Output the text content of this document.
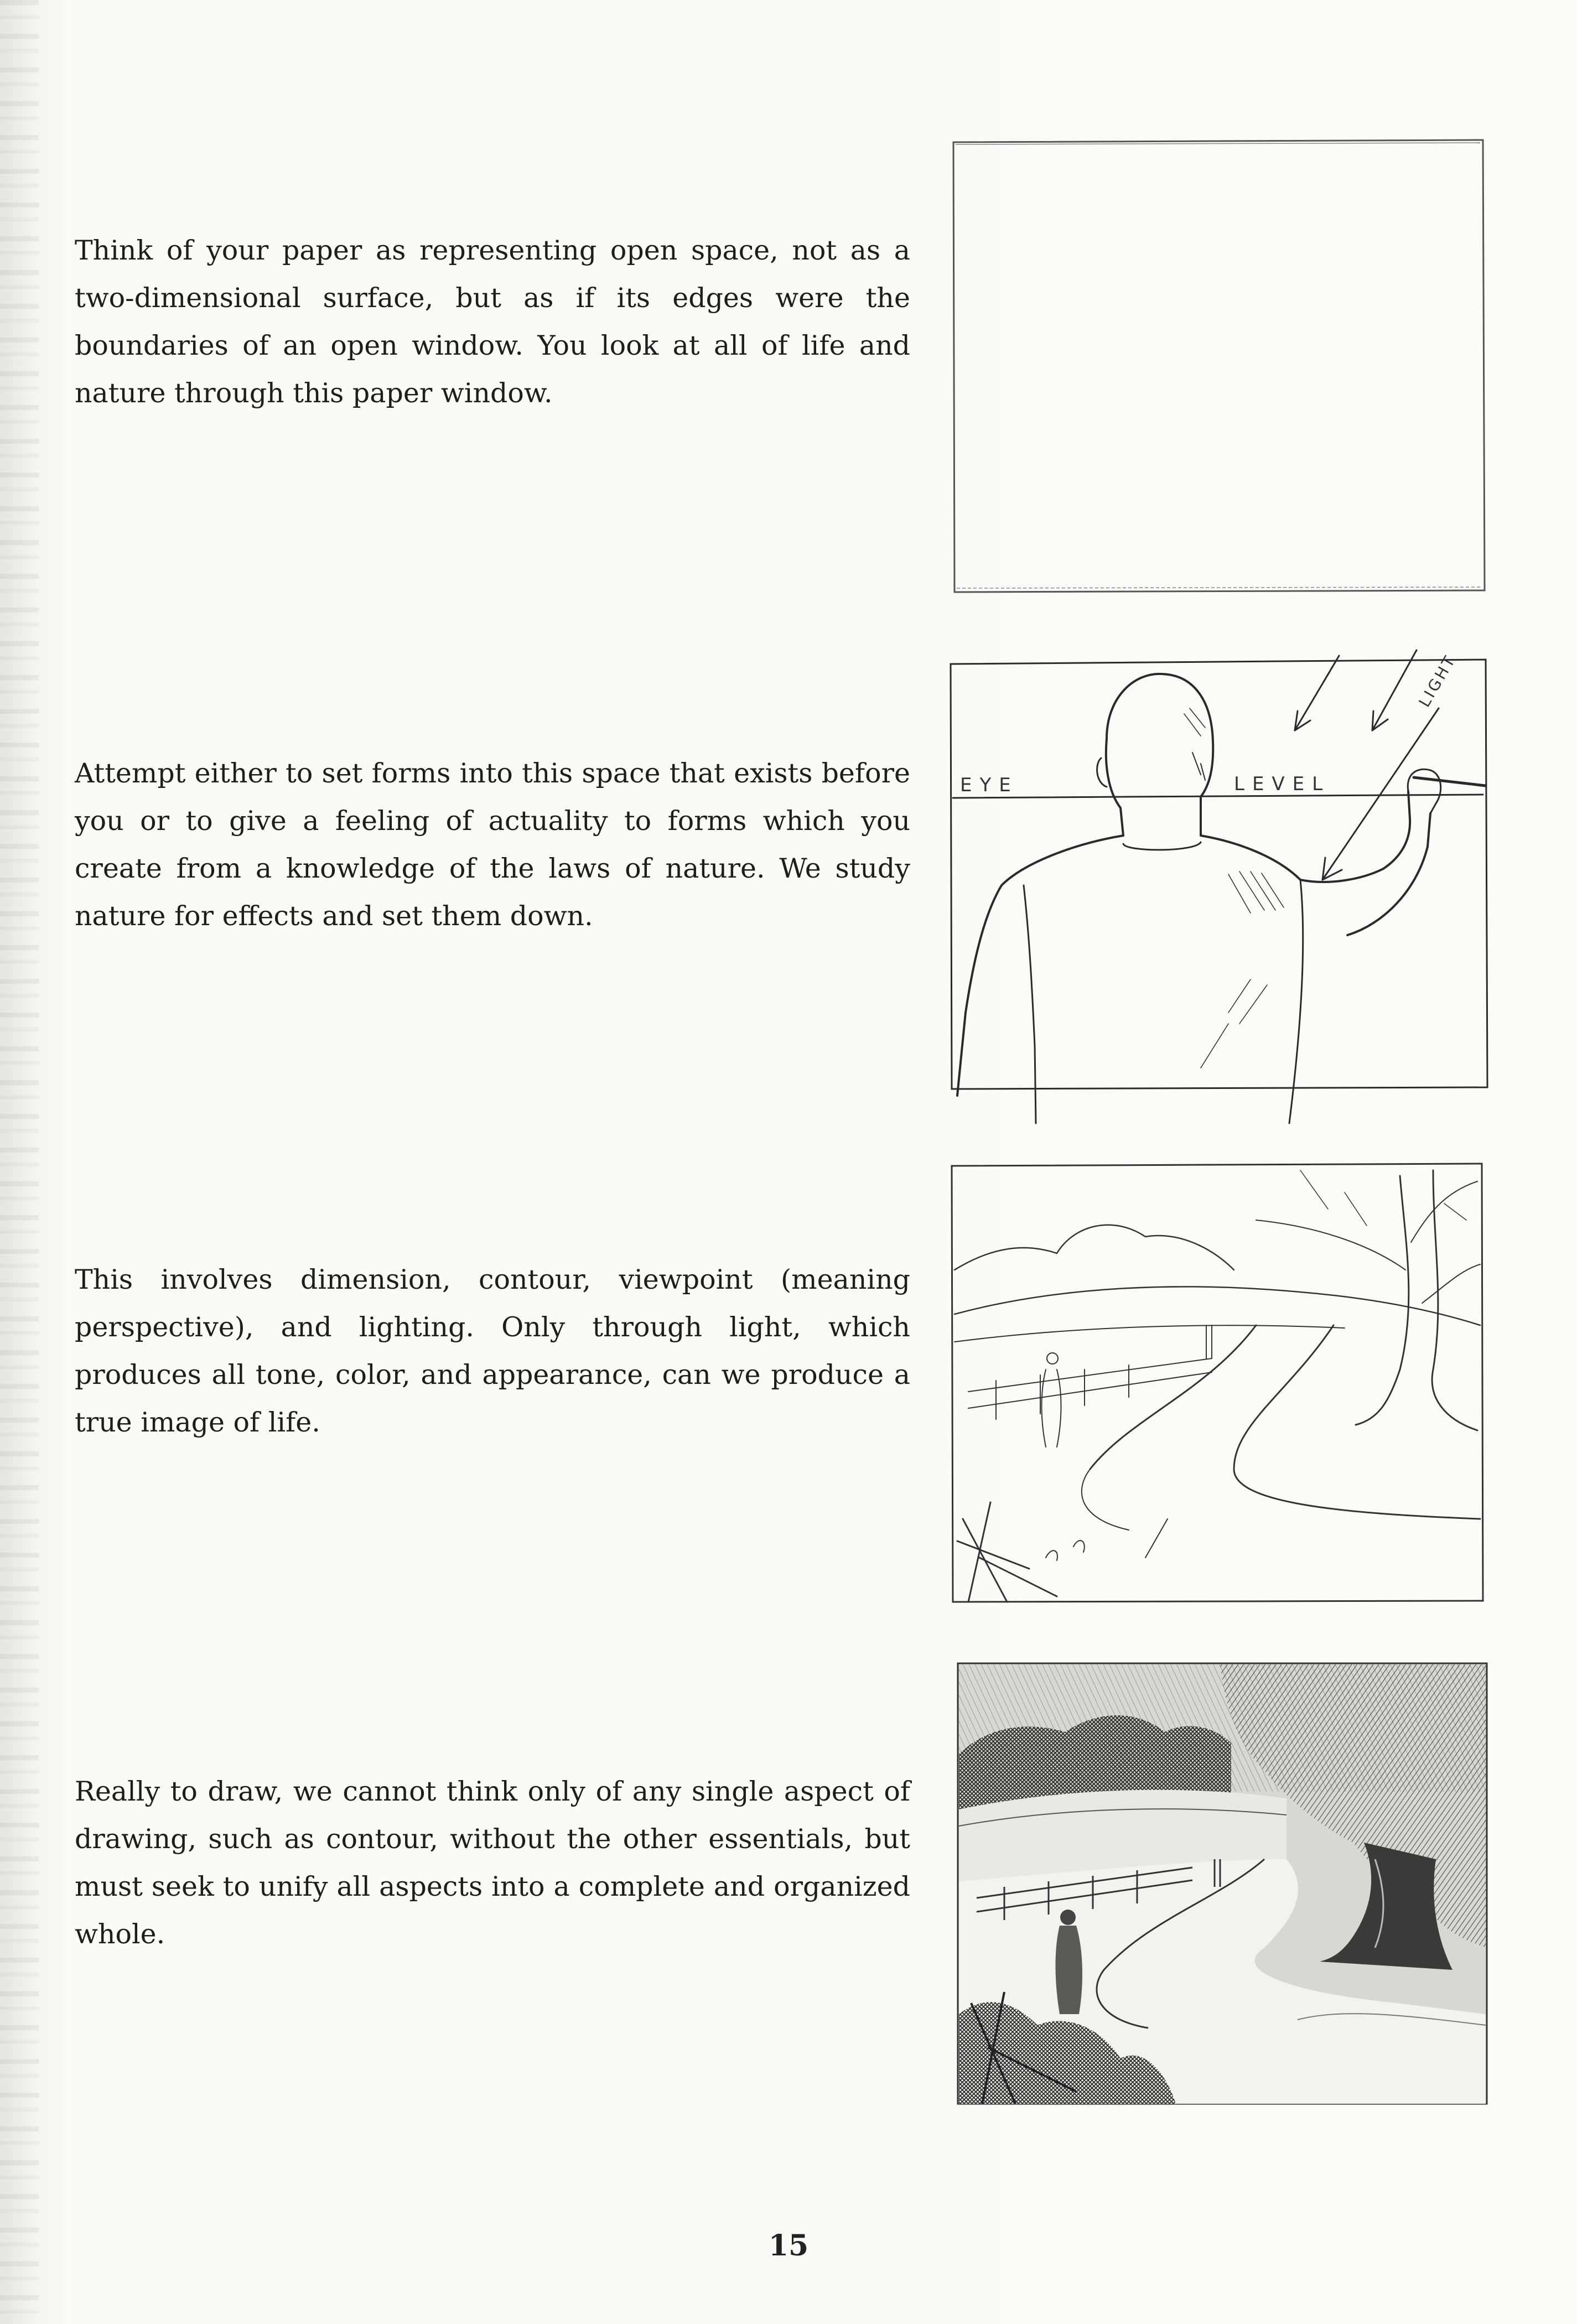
Think of your paper as representing open space, not as a two-dimensional surface, but as if its edges were the boundaries of an open window. You look at all of life and nature through this paper window.

Attempt either to set forms into this space that exists before you or to give a feeling of actuality to forms which you create from a knowledge of the laws of nature. We study nature for effects and set them down.

This involves dimension, contour, viewpoint (meaning perspective), and lighting. Only through light, which produces all tone, color, and appearance, can we produce a true image of life.

Really to draw, we cannot think only of any single aspect of drawing, such as contour, without the other essentials, but must seek to unify all aspects into a complete and organized whole.

EYE	LEVEL
LIGHT
15
